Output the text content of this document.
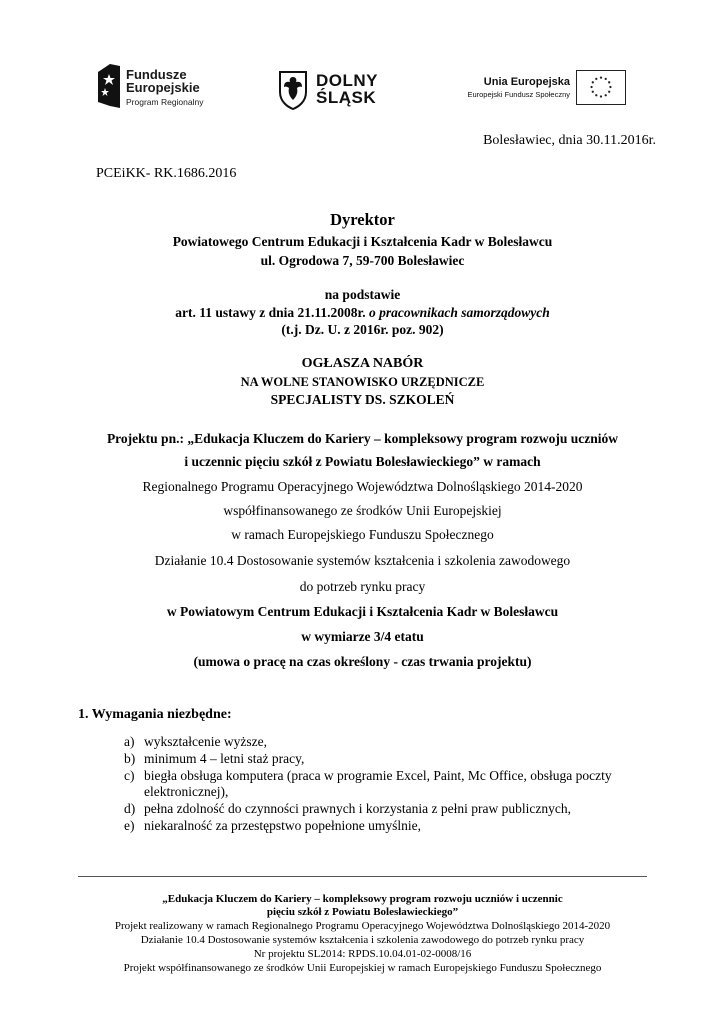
Fundusze
Europejskie
Program Regionalny
DOLNY
ŚLĄSK
Unia Europejska
Europejski Fundusz Społeczny
Bolesławiec, dnia 30.11.2016r.
PCEiKK- RK.1686.2016
Dyrektor
Powiatowego Centrum Edukacji i Kształcenia Kadr w Bolesławcu
ul. Ogrodowa 7, 59-700 Bolesławiec
na podstawie
art. 11 ustawy z dnia 21.11.2008r. o pracownikach samorządowych
(t.j. Dz. U. z 2016r. poz. 902)
OGŁASZA NABÓR
NA WOLNE STANOWISKO URZĘDNICZE
SPECJALISTY DS. SZKOLEŃ
Projektu pn.: „Edukacja Kluczem do Kariery – kompleksowy program rozwoju uczniów
i uczennic pięciu szkół z Powiatu Bolesławieckiego” w ramach
Regionalnego Programu Operacyjnego Województwa Dolnośląskiego 2014-2020
współfinansowanego ze środków Unii Europejskiej
w ramach Europejskiego Funduszu Społecznego
Działanie 10.4 Dostosowanie systemów kształcenia i szkolenia zawodowego
do potrzeb rynku pracy
w Powiatowym Centrum Edukacji i Kształcenia Kadr w Bolesławcu
w wymiarze 3/4 etatu
(umowa o pracę na czas określony - czas trwania projektu)
1. Wymagania niezbędne:
a) wykształcenie wyższe,
b) minimum 4 – letni staż pracy,
c) biegła obsługa komputera (praca w programie Excel, Paint, Mc Office, obsługa poczty elektronicznej),
d) pełna zdolność do czynności prawnych i korzystania z pełni praw publicznych,
e) niekaralność za przestępstwo popełnione umyślnie,
„Edukacja Kluczem do Kariery – kompleksowy program rozwoju uczniów i uczennic
pięciu szkół z Powiatu Bolesławieckiego”
Projekt realizowany w ramach Regionalnego Programu Operacyjnego Województwa Dolnośląskiego 2014-2020
Działanie 10.4 Dostosowanie systemów kształcenia i szkolenia zawodowego do potrzeb rynku pracy
Nr projektu SL2014: RPDS.10.04.01-02-0008/16
Projekt współfinansowanego ze środków Unii Europejskiej w ramach Europejskiego Funduszu Społecznego
